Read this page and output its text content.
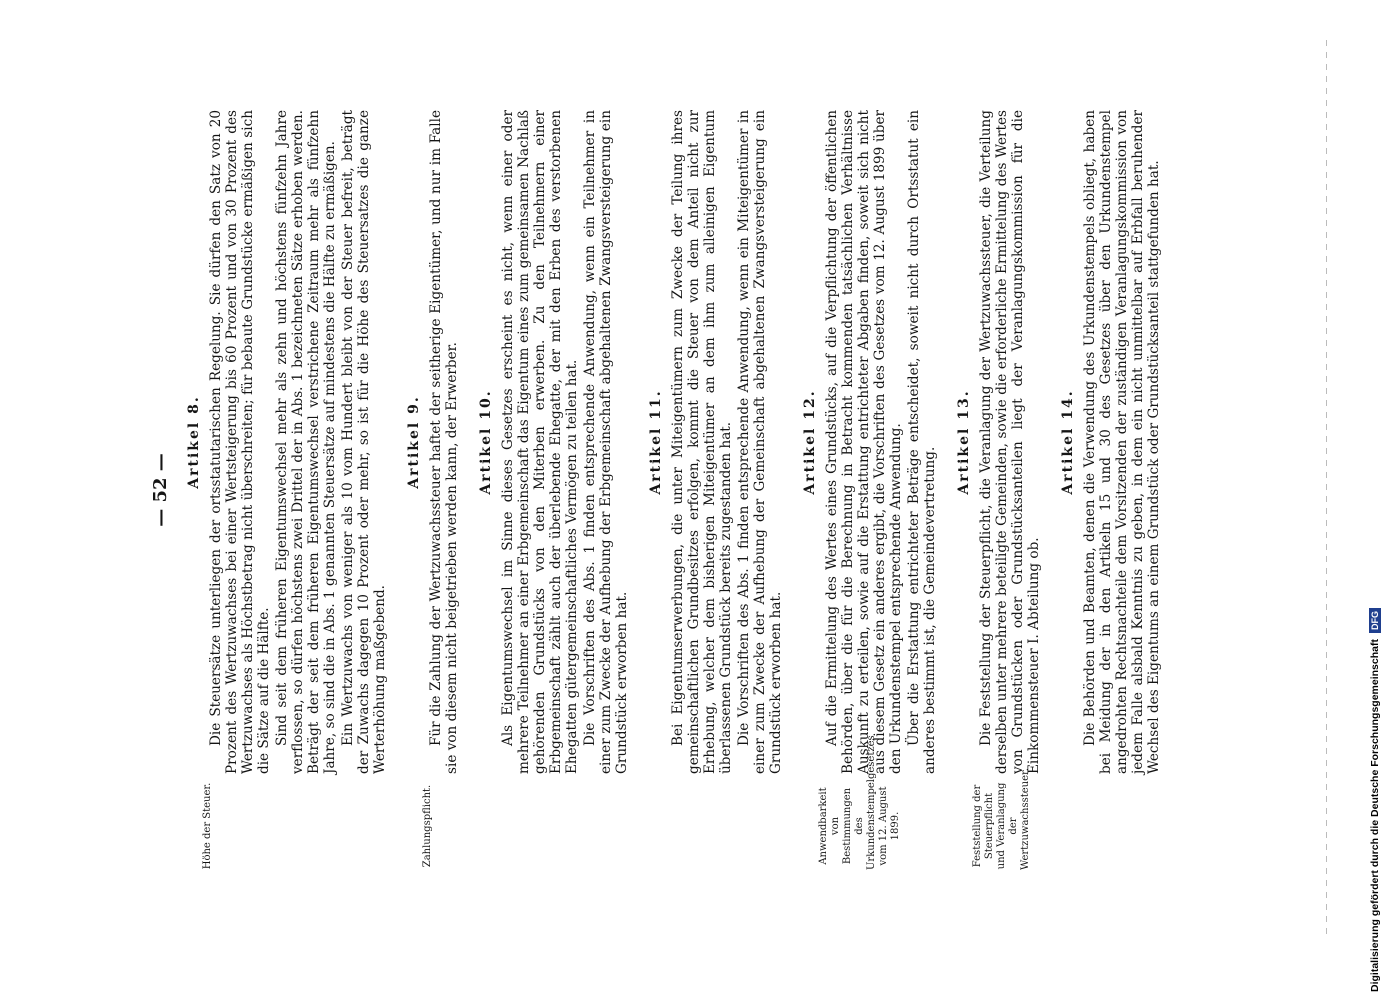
— 52 —
Höhe der Steuer.
Artikel 8. Die Steuersätze unterliegen der ortsstatutarischen Regelung. Sie dürfen den Satz von 20 Prozent des Wertzuwachses bei einer Wertsteigerung bis 60 Prozent und von 30 Prozent des Wertzuwachses als Höchstbetrag nicht überschreiten; für bebaute Grundstücke ermäßigen sich die Sätze auf die Hälfte. Sind seit dem früheren Eigentumswechsel mehr als zehn und höchstens fünfzehn Jahre verflossen, so dürfen höchstens zwei Drittel der in Abs. 1 bezeichneten Sätze erhoben werden. Beträgt der seit dem früheren Eigentumswechsel verstrichene Zeitraum mehr als fünfzehn Jahre, so sind die in Abs. 1 genannten Steuersätze auf mindestens die Hälfte zu ermäßigen. Ein Wertzuwachs von weniger als 10 vom Hundert bleibt von der Steuer befreit, beträgt der Zuwachs dagegen 10 Prozent oder mehr, so ist für die Höhe des Steuersatzes die ganze Werterhöhung maßgebend.

Zahlungspflicht.
Artikel 9. Für die Zahlung der Wertzuwachssteuer haftet der seitherige Eigentümer, und nur im Falle sie von diesem nicht beigetrieben werden kann, der Erwerber. Artikel 10. Als Eigentumswechsel im Sinne dieses Gesetzes erscheint es nicht, wenn einer oder mehrere Teilnehmer an einer Erbgemeinschaft das Eigentum eines zum gemeinsamen Nachlaß gehörenden Grundstücks von den Miterben erwerben. Zu den Teilnehmern einer Erbgemeinschaft zählt auch der überlebende Ehegatte, der mit den Erben des verstorbenen Ehegatten gütergemeinschaftliches Vermögen zu teilen hat. Die Vorschriften des Abs. 1 finden entsprechende Anwendung, wenn ein Teilnehmer in einer zum Zwecke der Aufhebung der Erbgemeinschaft abgehaltenen Zwangsversteigerung ein Grundstück erworben hat.

Artikel 11. Bei Eigentumserwerbungen, die unter Miteigentümern zum Zwecke der Teilung ihres gemeinschaftlichen Grundbesitzes erfolgen, kommt die Steuer von dem Anteil nicht zur Erhebung, welcher dem bisherigen Miteigentümer an dem ihm zum alleinigen Eigentum überlassenen Grundstück bereits zugestanden hat. Die Vorschriften des Abs. 1 finden entsprechende Anwendung, wenn ein Miteigentümer in einer zum Zwecke der Aufhebung der Gemeinschaft abgehaltenen Zwangsversteigerung ein Grundstück erworben hat.

Anwendbarkeit von Bestimmungen des Urkundenstempelgesetzes vom 12. August 1899.
Artikel 12. Auf die Ermittelung des Wertes eines Grundstücks, auf die Verpflichtung der öffentlichen Behörden, über die für die Berechnung in Betracht kommenden tatsächlichen Verhältnisse Auskunft zu erteilen, sowie auf die Erstattung entrichteter Abgaben finden, soweit sich nicht aus diesem Gesetz ein anderes ergibt, die Vorschriften des Gesetzes vom 12. August 1899 über den Urkundenstempel entsprechende Anwendung. Über die Erstattung entrichteter Beträge entscheidet, soweit nicht durch Ortsstatut ein anderes bestimmt ist, die Gemeindevertretung.

Feststellung der Steuerpflicht und Veranlagung der Wertzuwachssteuer.
Artikel 13. Die Feststellung der Steuerpflicht, die Veranlagung der Wertzuwachssteuer, die Verteilung derselben unter mehrere beteiligte Gemeinden, sowie die erforderliche Ermittelung des Wertes von Grundstücken oder Grundstücksanteilen liegt der Veranlagungskommission für die Einkommensteuer I. Abteilung ob.

Artikel 14. Die Behörden und Beamten, denen die Verwendung des Urkundenstempels obliegt, haben bei Meidung der in den Artikeln 15 und 30 des Gesetzes über den Urkundenstempel angedrohten Rechtsnachteile dem Vorsitzenden der zuständigen Veranlagungskommission von jedem Falle alsbald Kenntnis zu geben, in dem ein nicht unmittelbar auf Erbfall beruhender Wechsel des Eigentums an einem Grundstück oder Grundstücksanteil stattgefunden hat.

Digitalisierung gefördert durch die Deutsche Forschungsgemeinschaft
DFG
